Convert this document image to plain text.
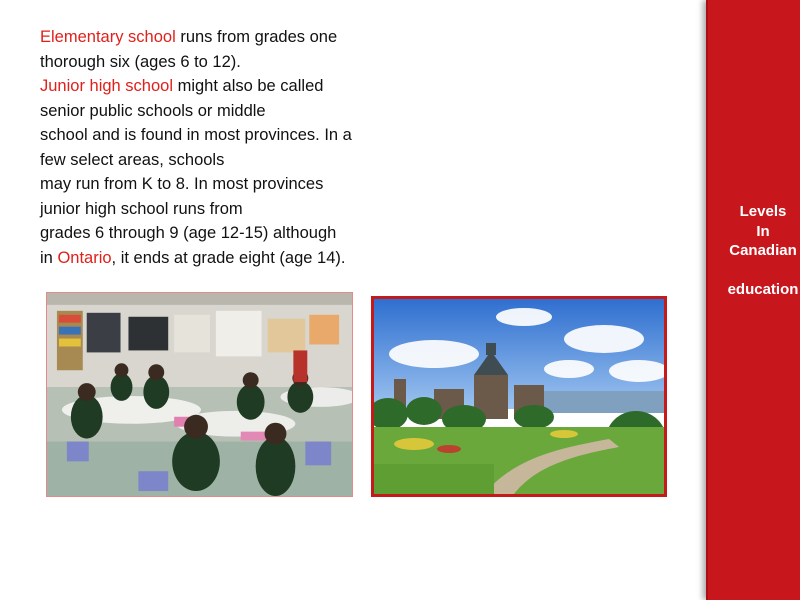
Elementary school runs from grades one
thorough six (ages 6 to 12).
Junior high school might also be called
senior public schools or middle
school and is found in most provinces. In a
few select areas, schools
may run from K to 8. In most provinces
junior high school runs from
grades 6 through 9 (age 12-15) although
in Ontario, it ends at grade eight (age 14).
Levels
In
Canadian

education
